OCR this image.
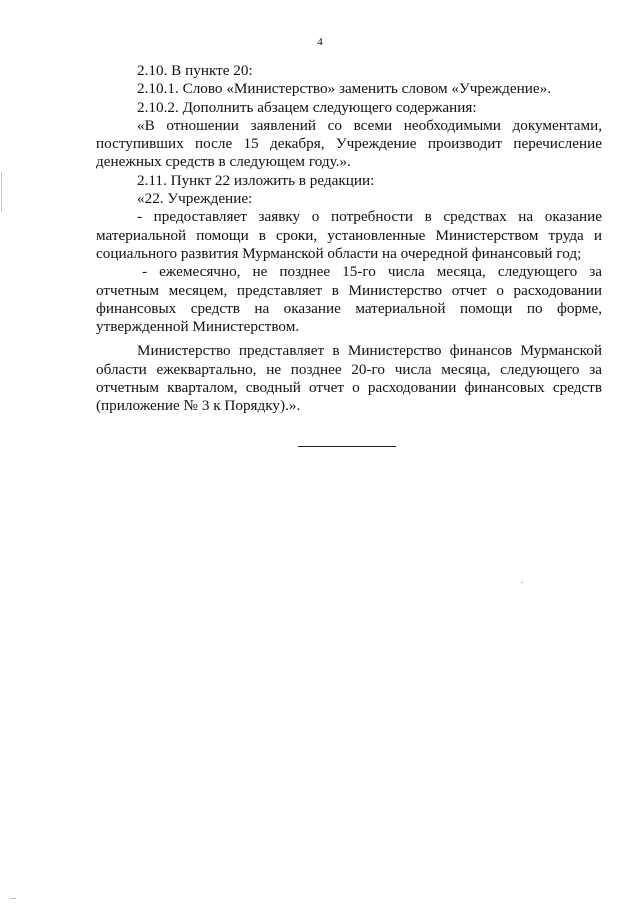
4

2.10. В пункте 20:

2.10.1. Слово «Министерство» заменить словом «Учреждение».

2.10.2. Дополнить абзацем следующего содержания:

«В отношении заявлений со всеми необходимыми документами, поступивших после 15 декабря, Учреждение производит перечисление денежных средств в следующем году.».

2.11. Пункт 22 изложить в редакции:

«22. Учреждение:

- предоставляет заявку о потребности в средствах на оказание материальной помощи в сроки, установленные Министерством труда и социального развития Мурманской области на очередной финансовый год;

- ежемесячно, не позднее 15-го числа месяца, следующего за отчетным месяцем, представляет в Министерство отчет о расходовании финансовых средств на оказание материальной помощи по форме, утвержденной Министерством.

Министерство представляет в Министерство финансов Мурманской области ежеквартально, не позднее 20-го числа месяца, следующего за отчетным кварталом, сводный отчет о расходовании финансовых средств (приложение № 3 к Порядку).».
